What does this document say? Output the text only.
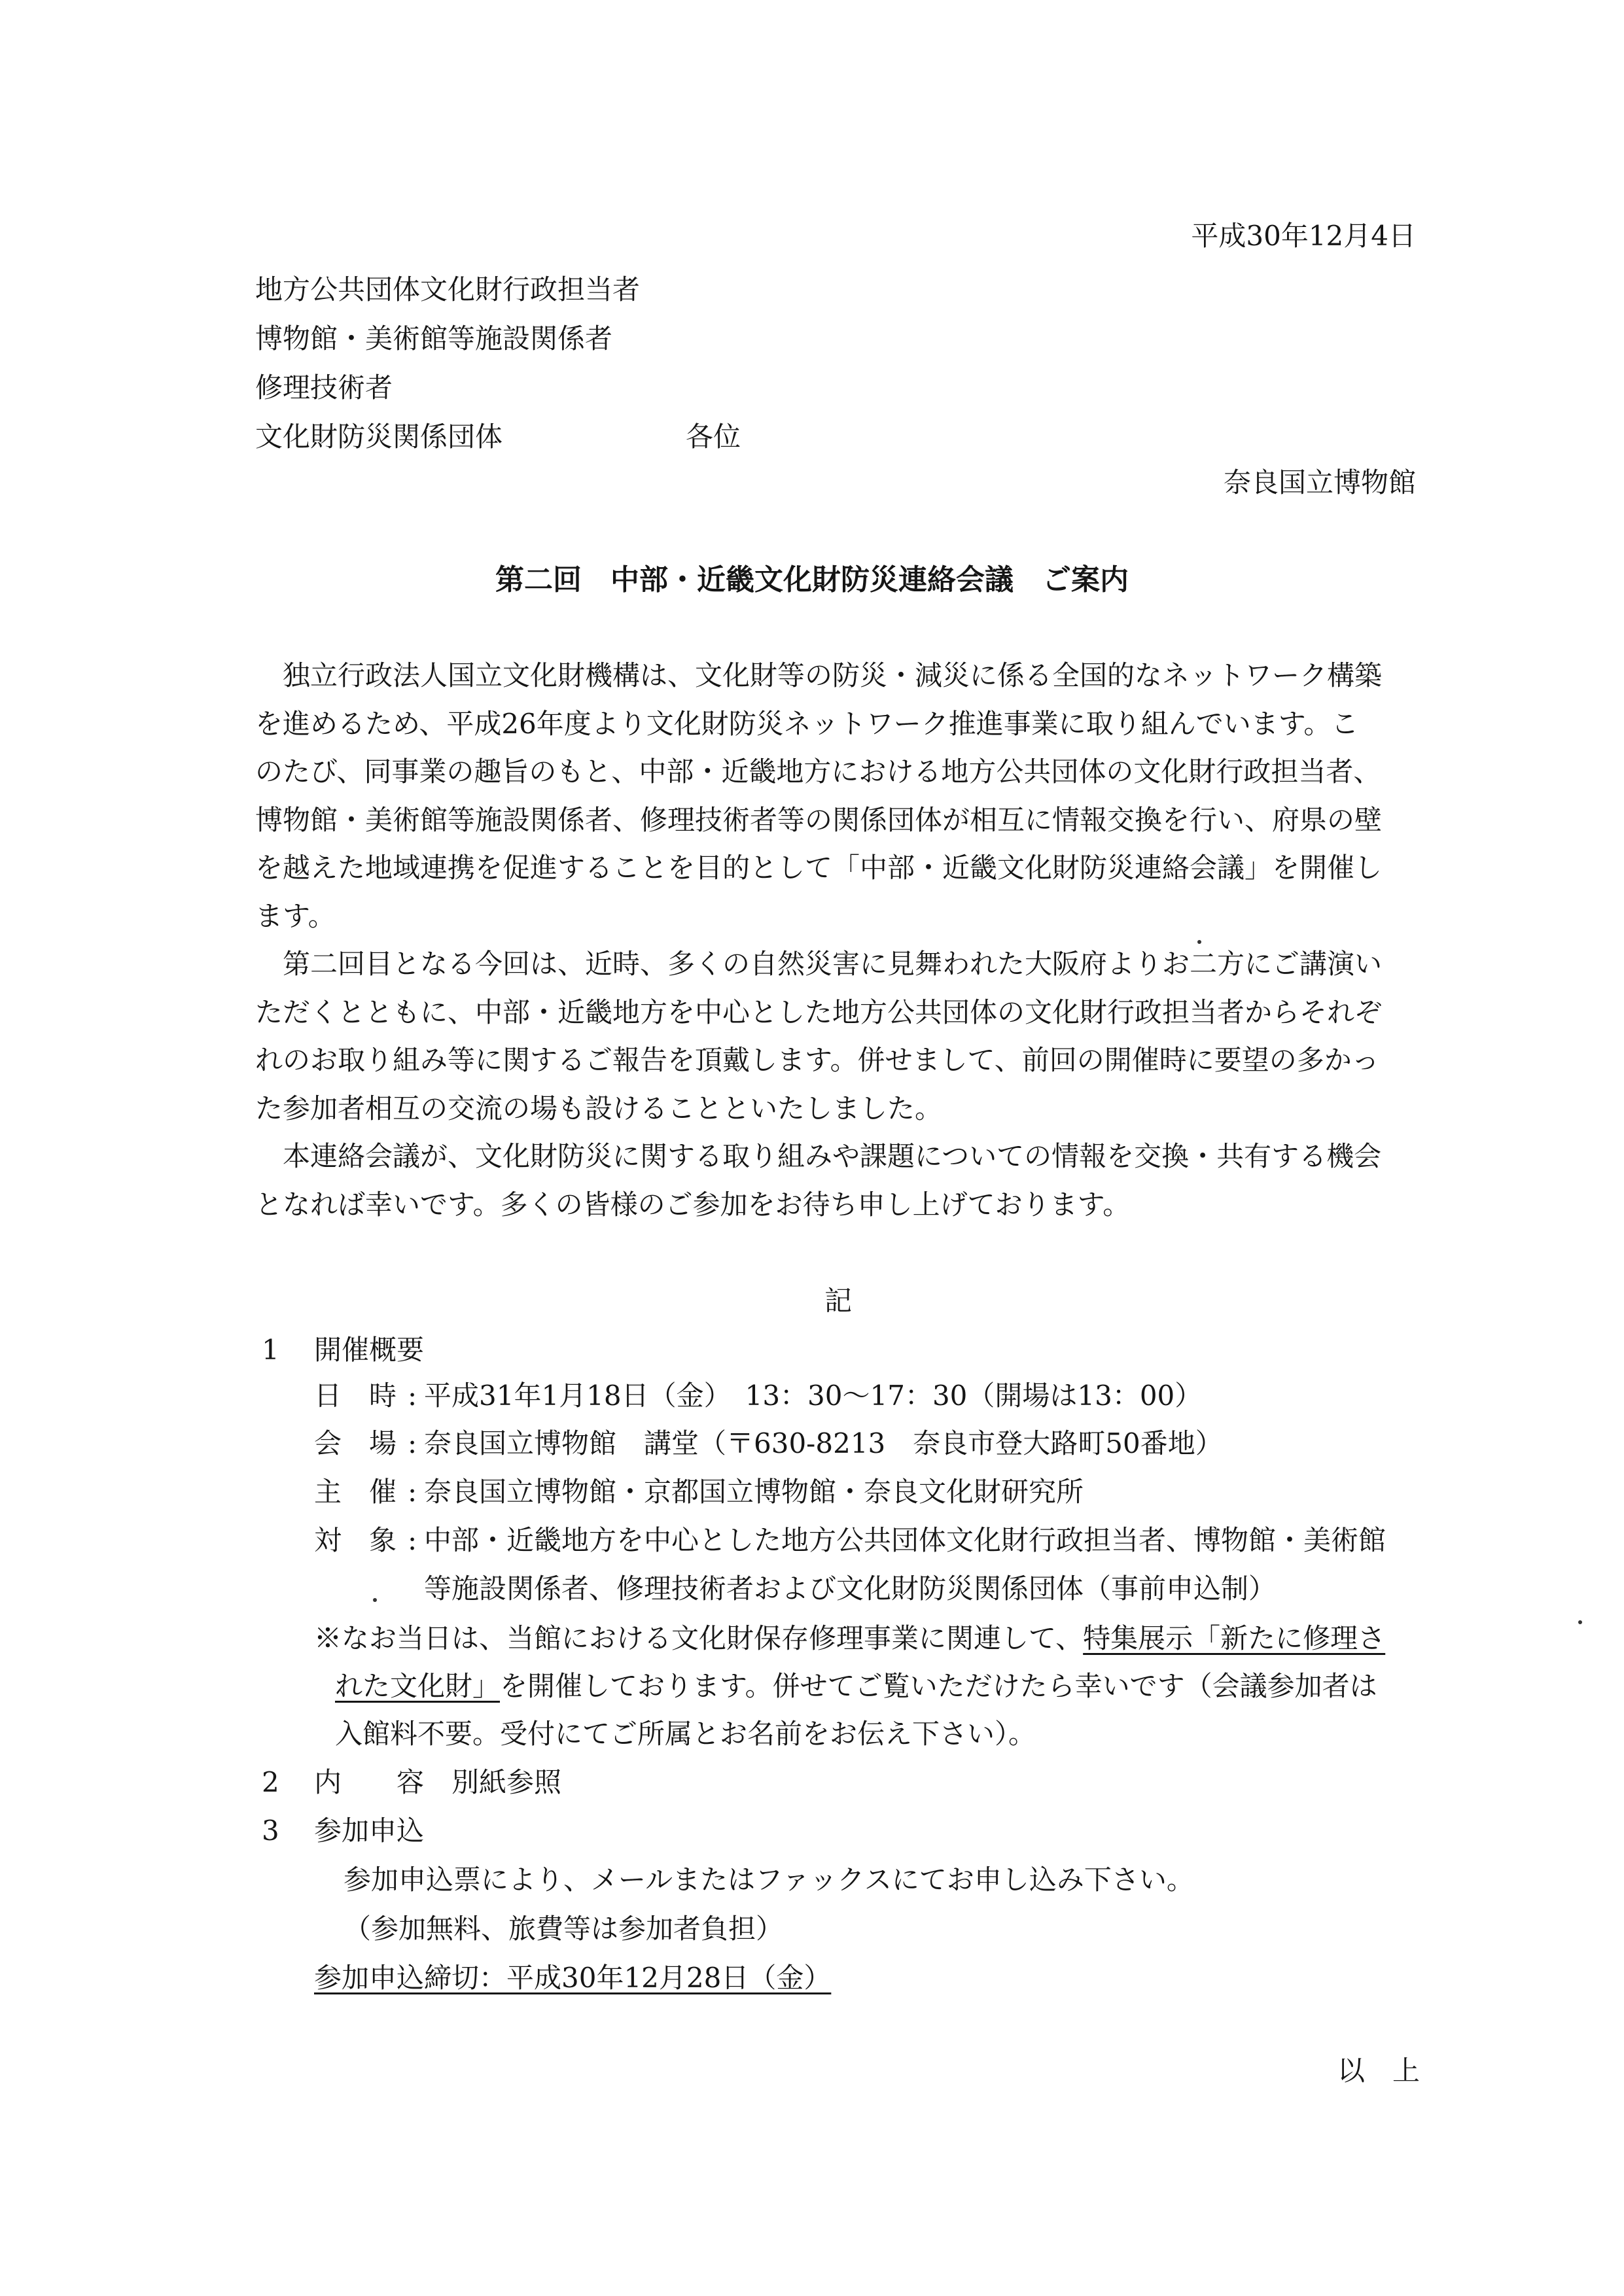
平成30年12月4日
地方公共団体文化財行政担当者
博物館・美術館等施設関係者
修理技術者
文化財防災関係団体	各位
奈良国立博物館
第二回　中部・近畿文化財防災連絡会議　ご案内
　独立行政法人国立文化財機構は、文化財等の防災・減災に係る全国的なネットワーク構築
を進めるため、平成26年度より文化財防災ネットワーク推進事業に取り組んでいます。こ
のたび、同事業の趣旨のもと、中部・近畿地方における地方公共団体の文化財行政担当者、
博物館・美術館等施設関係者、修理技術者等の関係団体が相互に情報交換を行い、府県の壁
を越えた地域連携を促進することを目的として「中部・近畿文化財防災連絡会議」を開催し
ます。
　第二回目となる今回は、近時、多くの自然災害に見舞われた大阪府よりお二方にご講演い
ただくとともに、中部・近畿地方を中心とした地方公共団体の文化財行政担当者からそれぞ
れのお取り組み等に関するご報告を頂戴します。併せまして、前回の開催時に要望の多かっ
た参加者相互の交流の場も設けることといたしました。
　本連絡会議が、文化財防災に関する取り組みや課題についての情報を交換・共有する機会
となれば幸いです。多くの皆様のご参加をお待ち申し上げております。
記
1 開催概要
日　時 : 平成31年1月18日（金）　13：30〜17：30（開場は13：00）
会　場 : 奈良国立博物館　講堂（〒630-8213　奈良市登大路町50番地）
主　催 : 奈良国立博物館・京都国立博物館・奈良文化財研究所
対　象 : 中部・近畿地方を中心とした地方公共団体文化財行政担当者、博物館・美術館
等施設関係者、修理技術者および文化財防災関係団体（事前申込制）
※なお当日は、当館における文化財保存修理事業に関連して、特集展示「新たに修理さ
れた文化財」を開催しております。併せてご覧いただけたら幸いです（会議参加者は
入館料不要。受付にてご所属とお名前をお伝え下さい）。
2 内　　容 別紙参照
3 参加申込
参加申込票により、メールまたはファックスにてお申し込み下さい。
（参加無料、旅費等は参加者負担）
参加申込締切：平成30年12月28日（金）
以　上
